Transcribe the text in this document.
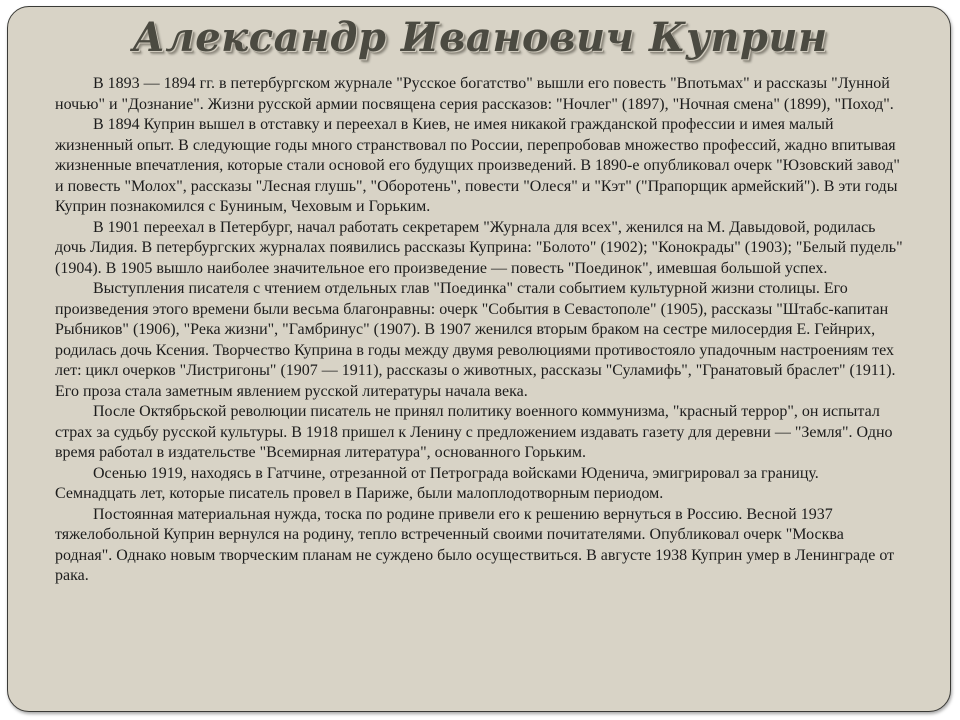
Александр Иванович Куприн

В 1893 — 1894 гг. в петербургском журнале "Русское богатство" вышли его повесть "Впотьмах" и рассказы "Лунной ночью" и "Дознание". Жизни русской армии посвящена серия рассказов: "Ночлег" (1897), "Ночная смена" (1899), "Поход".

В 1894 Куприн вышел в отставку и переехал в Киев, не имея никакой гражданской профессии и имея малый жизненный опыт. В следующие годы много странствовал по России, перепробовав множество профессий, жадно впитывая жизненные впечатления, которые стали основой его будущих произведений. В 1890-е опубликовал очерк "Юзовский завод" и повесть "Молох", рассказы "Лесная глушь", "Оборотень", повести "Олеся" и "Кэт" ("Прапорщик армейский"). В эти годы Куприн познакомился с Буниным, Чеховым и Горьким.

В 1901 переехал в Петербург, начал работать секретарем "Журнала для всех", женился на М. Давыдовой, родилась дочь Лидия. В петербургских журналах появились рассказы Куприна: "Болото" (1902); "Конокрады" (1903); "Белый пудель" (1904). В 1905 вышло наиболее значительное его произведение — повесть "Поединок", имевшая большой успех.

Выступления писателя с чтением отдельных глав "Поединка" стали событием культурной жизни столицы. Его произведения этого времени были весьма благонравны: очерк "События в Севастополе" (1905), рассказы "Штабс-капитан Рыбников" (1906), "Река жизни", "Гамбринус" (1907). В 1907 женился вторым браком на сестре милосердия Е. Гейнрих, родилась дочь Ксения. Творчество Куприна в годы между двумя революциями противостояло упадочным настроениям тех лет: цикл очерков "Листригоны" (1907 — 1911), рассказы о животных, рассказы "Суламифь", "Гранатовый браслет" (1911). Его проза стала заметным явлением русской литературы начала века.

После Октябрьской революции писатель не принял политику военного коммунизма, "красный террор", он испытал страх за судьбу русской культуры. В 1918 пришел к Ленину с предложением издавать газету для деревни — "Земля". Одно время работал в издательстве "Всемирная литература", основанного Горьким.

Осенью 1919, находясь в Гатчине, отрезанной от Петрограда войсками Юденича, эмигрировал за границу. Семнадцать лет, которые писатель провел в Париже, были малоплодотворным периодом.

Постоянная материальная нужда, тоска по родине привели его к решению вернуться в Россию. Весной 1937 тяжелобольной Куприн вернулся на родину, тепло встреченный своими почитателями. Опубликовал очерк "Москва родная". Однако новым творческим планам не суждено было осуществиться. В августе 1938 Куприн умер в Ленинграде от рака.
